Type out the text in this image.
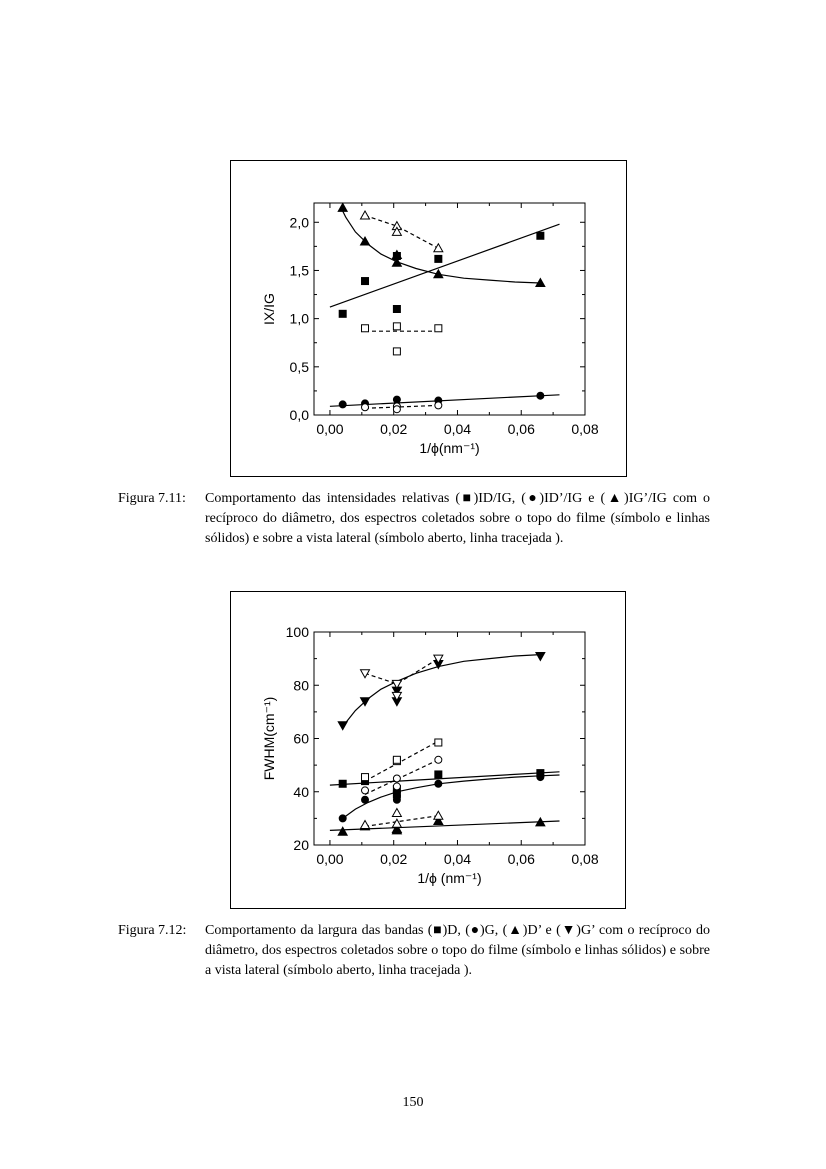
0,00	0,02	0,04	0,06	0,08
0,0
0,5
1,0
1,5
2,0
1/ϕ(nm⁻¹)
IX/IG
Figura 7.11: Comportamento das intensidades relativas (■)ID/IG, (●)ID’/IG e (▲)IG’/IG com o recíproco do diâmetro, dos espectros coletados sobre o topo do filme (símbolo e linhas sólidos) e sobre a vista lateral (símbolo aberto, linha tracejada ).
0,00	0,02	0,04	0,06	0,08
20
40
60
80
100
1/ϕ (nm⁻¹)
FWHM(cm⁻¹)
Figura 7.12: Comportamento da largura das bandas (■)D, (●)G, (▲)D’ e (▼)G’ com o recíproco do diâmetro, dos espectros coletados sobre o topo do filme (símbolo e linhas sólidos) e sobre a vista lateral (símbolo aberto, linha tracejada ).
150
